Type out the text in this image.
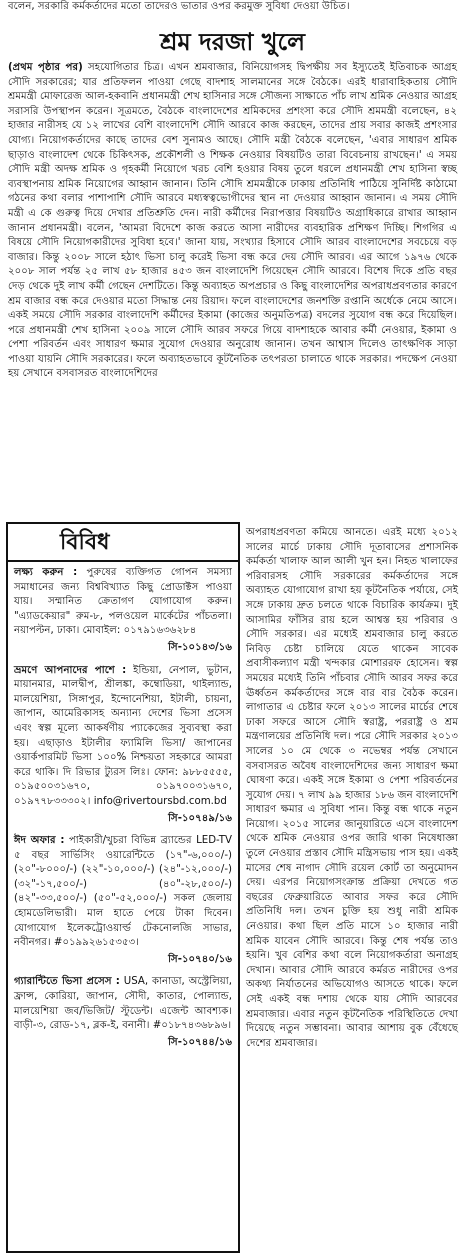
বলেন, সরকারি কর্মকর্তাদের মতো তাদেরও ভাতার ওপর করমুক্ত সুবিধা দেওয়া উচিত।
শ্রম দরজা খুলে
(প্রথম পৃষ্ঠার পর) সহযোগিতার চিত্র। এখন শ্রমবাজার, বিনিয়োগসহ দ্বিপক্ষীয় সব ইস্যুতেই ইতিবাচক আগ্রহ সৌদি সরকারের; যার প্রতিফলন পাওয়া গেছে বাদশাহ সালমানের সঙ্গে বৈঠকে। এরই ধারাবাহিকতায় সৌদি শ্রমমন্ত্রী মোফারেজ আল-হকবানি প্রধানমন্ত্রী শেখ হাসিনার সঙ্গে সৌজন্য সাক্ষাতে পাঁচ লাখ শ্রমিক নেওয়ার আগ্রহ সরাসরি উপস্থাপন করেন। সূত্রমতে, বৈঠকে বাংলাদেশের শ্রমিকদের প্রশংসা করে সৌদি শ্রমমন্ত্রী বলেছেন, ৪২ হাজার নারীসহ যে ১২ লাখের বেশি বাংলাদেশি সৌদি আরবে কাজ করছেন, তাদের প্রায় সবার কাজই প্রশংসার যোগ্য। নিয়োগকর্তাদের কাছে তাদের বেশ সুনামও আছে। সৌদি মন্ত্রী বৈঠকে বলেছেন, 'এবার সাধারণ শ্রমিক ছাড়াও বাংলাদেশ থেকে চিকিৎসক, প্রকৌশলী ও শিক্ষক নেওয়ার বিষয়টিও তারা বিবেচনায় রাখছেন।' এ সময় সৌদি মন্ত্রী অদক্ষ শ্রমিক ও গৃহকর্মী নিয়োগে খরচ বেশি হওয়ার বিষয় তুলে ধরলে প্রধানমন্ত্রী শেখ হাসিনা স্বচ্ছ ব্যবস্থাপনায় শ্রমিক নিয়োগের আহ্বান জানান। তিনি সৌদি শ্রমমন্ত্রীকে ঢাকায় প্রতিনিধি পাঠিয়ে সুনির্দিষ্ট কাঠামো গঠনের কথা বলার পাশাপাশি সৌদি আরবে মধ্যস্বত্বভোগীদের স্থান না দেওয়ার আহ্বান জানান। এ সময় সৌদি মন্ত্রী এ কে গুরুত্ব দিয়ে দেখার প্রতিশ্রুতি দেন। নারী কর্মীদের নিরাপত্তার বিষয়টিও অগ্রাধিকারে রাখার আহ্বান জানান প্রধানমন্ত্রী। বলেন, 'আমরা বিদেশে কাজ করতে আসা নারীদের ব্যবহারিক প্রশিক্ষণ দিচ্ছি। শিগগির এ বিষয়ে সৌদি নিয়োগকারীদের সুবিধা হবে।' জানা যায়, সংখ্যার হিসাবে সৌদি আরব বাংলাদেশের সবচেয়ে বড় বাজার। কিন্তু ২০০৮ সালে হঠাৎ ভিসা চালু করেই ভিসা বন্ধ করে দেয় সৌদি আরব। এর আগে ১৯৭৬ থেকে ২০০৮ সাল পর্যন্ত ২৫ লাখ ৫৮ হাজার ৪৫৩ জন বাংলাদেশি গিয়েছেন সৌদি আরবে। বিশেষ দিকে প্রতি বছর দেড় থেকে দুই লাখ কর্মী গেছেন দেশটিতে। কিন্তু অব্যাহত অপপ্রচার ও কিছু বাংলাদেশির অপরাধপ্রবণতার কারণে শ্রম বাজার বন্ধ করে দেওয়ার মতো সিদ্ধান্ত নেয় রিয়াদ। ফলে বাংলাদেশের জনশক্তি রপ্তানি অর্ধেকে নেমে আসে। একই সময়ে সৌদি সরকার বাংলাদেশি কর্মীদের ইকামা (কাজের অনুমতিপত্র) বদলের সুযোগ বন্ধ করে দিয়েছিল। পরে প্রধানমন্ত্রী শেখ হাসিনা ২০০৯ সালে সৌদি আরব সফরে গিয়ে বাদশাহকে আবার কর্মী নেওয়ার, ইকামা ও পেশা পরিবর্তন এবং সাধারণ ক্ষমার সুযোগ দেওয়ার অনুরোধ জানান। তখন আশ্বাস দিলেও তাৎক্ষণিক সাড়া পাওয়া যায়নি সৌদি সরকারের। ফলে অব্যাহতভাবে কূটনৈতিক তৎপরতা চালাতে থাকে সরকার। পদক্ষেপ নেওয়া হয় সেখানে বসবাসরত বাংলাদেশিদের
বিবিধ
লক্ষ্য করুন : পুরুষের ব্যক্তিগত গোপন সমস্যা সমাধানের জন্য বিশ্ববিখ্যাত কিছু প্রোডাক্টস পাওয়া যায়। সম্মানিত ক্রেতাগণ যোগাযোগ করুন। "এ্যাডকেয়ার" রুম-৮, পলওয়েল মার্কেটের পাঁচতলা। নয়াপল্টন, ঢাকা। মোবাইল: ০১৭৯১৬৩৬২৮৪
সি-১০১৪৩/১৬
ভ্রমণে আপনাদের পাশে : ইন্ডিয়া, নেপাল, ভুটান, মায়ানমার, মালদ্বীপ, শ্রীলঙ্কা, কম্বোডিয়া, থাইল্যান্ড, মালয়েশিয়া, সিঙ্গাপুর, ইন্দোনেশিয়া, ইটালী, চায়না, জাপান, আমেরিকাসহ অন্যান্য দেশের ভিসা প্রসেস এবং স্বল্প মূল্যে আকর্ষণীয় প্যাকেজের সুব্যবস্থা করা হয়। এছাড়াও ইটালীর ফ্যামিলি ভিসা/ জাপানের ওয়ার্কপারমিট ভিসা ১০০% নিশ্চয়তা সহকারে আমরা করে থাকি। দি রিভার ট্যুরস লিঃ। ফোন: ৯৮৮৫৫৫৫, ০১৯৫০০৩১৬৭০, ০১৯৭০০৩১৬৭০, ০১৯৭৭৮৩৩৩০২। info@rivertoursbd.com.bd
সি-১০৭৪৯/১৬
ঈদ অফার : পাইকারী/খুচরা বিভিন্ন ব্র্যান্ডের LED-TV ৫ বছর সার্ভিসিং ওয়ারেন্টিতে (১৭"-৬,০০০/-) (২০"-৮০০০/-) (২২"-১০,০০০/-) (২৪"-১২,০০০/-) (৩২"-১৭,৫০০/-) (৪০"-২৮,৫০০/-) (৪২"-৩৩,৫০০/-) (৫০"-৫২,০০০/-) সকল জেলায় হোমডেলিভারী। মাল হাতে পেয়ে টাকা দিবেন। যোগাযোগ ইলেকট্রোওয়ার্ল্ড টেকনোলজি সাভার, নবীনগর। #০১৯৯২৬১৫৩৫৩।
সি-১০৭৪০/১৬
গ্যারান্টিতে ভিসা প্রসেস : USA, কানাডা, অস্ট্রেলিয়া, ফ্রান্স, কোরিয়া, জাপান, সৌদী, কাতার, পোল্যান্ড, মালয়েশিয়া জব/ভিজিট/ স্টুডেন্ট। এজেন্ট আবশ্যক। বাড়ী-৩, রোড-১৭, ব্লক-ই, বনানী। #০১৮৭৪৩৬৮৯৬।
সি-১০৭৪৪/১৬
অপরাধপ্রবণতা কমিয়ে আনতে। এরই মধ্যে ২০১২ সালের মার্চে ঢাকায় সৌদি দূতাবাসের প্রশাসনিক কর্মকর্তা খালাফ আল আলী খুন হন। নিহত খালাফের পরিবারসহ সৌদি সরকারের কর্মকর্তাদের সঙ্গে অব্যাহত যোগাযোগ রাখা হয় কূটনৈতিক পর্যায়ে, সেই সঙ্গে ঢাকায় দ্রুত চলতে থাকে বিচারিক কার্যক্রম। দুই আসামির ফাঁসির রায় হলে আশ্বস্ত হয় পরিবার ও সৌদি সরকার। এর মধ্যেই শ্রমবাজার চালু করতে নিবিড় চেষ্টা চালিয়ে যেতে থাকেন সাবেক প্রবাসীকল্যাণ মন্ত্রী খন্দকার মোশাররফ হোসেন। স্বল্প সময়ের মধ্যেই তিনি পাঁচবার সৌদি আরব সফর করে ঊর্ধ্বতন কর্মকর্তাদের সঙ্গে বার বার বৈঠক করেন। লাগাতার এ চেষ্টার ফলে ২০১৩ সালের মার্চের শেষে ঢাকা সফরে আসে সৌদি স্বরাষ্ট্র, পররাষ্ট্র ও শ্রম মন্ত্রণালয়ের প্রতিনিধি দল। পরে সৌদি সরকার ২০১৩ সালের ১০ মে থেকে ৩ নভেম্বর পর্যন্ত সেখানে বসবাসরত অবৈধ বাংলাদেশিদের জন্য সাধারণ ক্ষমা ঘোষণা করে। একই সঙ্গে ইকামা ও পেশা পরিবর্তনের সুযোগ দেয়। ৭ লাখ ৯৯ হাজার ১৮৬ জন বাংলাদেশি সাধারণ ক্ষমার এ সুবিধা পান। কিন্তু বন্ধ থাকে নতুন নিয়োগ। ২০১৫ সালের জানুয়ারিতে এসে বাংলাদেশ থেকে শ্রমিক নেওয়ার ওপর জারি থাকা নিষেধাজ্ঞা তুলে নেওয়ার প্রস্তাব সৌদি মন্ত্রিসভায় পাস হয়। একই মাসের শেষ নাগাদ সৌদি রয়েল কোর্ট তা অনুমোদন দেয়। এরপর নিয়োগসংক্রান্ত প্রক্রিয়া দেখতে গত বছরের ফেব্রুয়ারিতে আবার সফর করে সৌদি প্রতিনিধি দল। তখন চুক্তি হয় শুধু নারী শ্রমিক নেওয়ার। কথা ছিল প্রতি মাসে ১০ হাজার নারী শ্রমিক যাবেন সৌদি আরবে। কিন্তু শেষ পর্যন্ত তাও হয়নি। খুব বেশির কথা বলে নিয়োগকর্তারা অনাগ্রহ দেখান। আবার সৌদি আরবে কর্মরত নারীদের ওপর অকথ্য নির্যাতনের অভিযোগও আসতে থাকে। ফলে সেই একই বন্ধ দশায় থেকে যায় সৌদি আরবের শ্রমবাজার। এবার নতুন কূটনৈতিক পরিস্থিতিতে দেখা দিয়েছে নতুন সম্ভাবনা। আবার আশায় বুক বেঁধেছে দেশের শ্রমবাজার।
